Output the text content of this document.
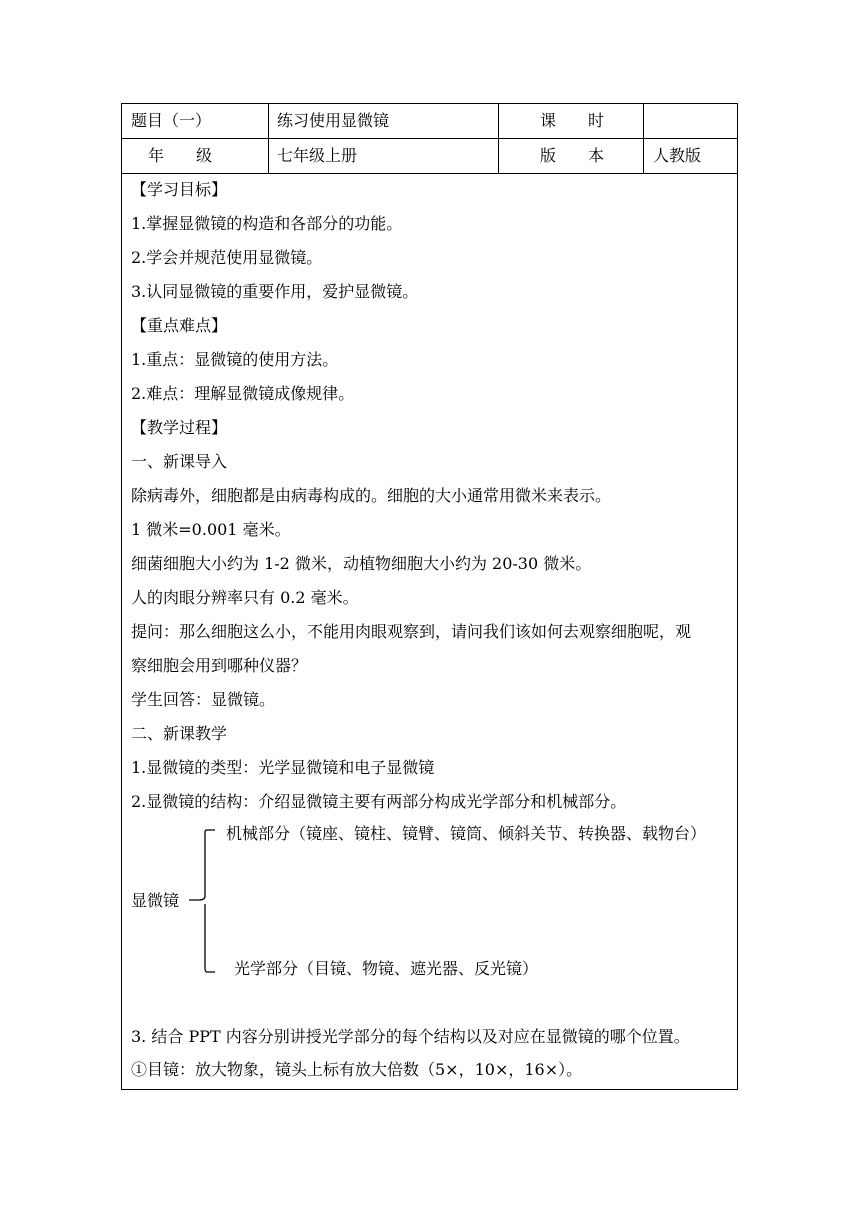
题目（一）	练习使用显微镜	课　　时
年　　级	七年级上册	版　　本	人教版
【学习目标】
1.掌握显微镜的构造和各部分的功能。
2.学会并规范使用显微镜。
3.认同显微镜的重要作用，爱护显微镜。
【重点难点】
1.重点：显微镜的使用方法。
2.难点：理解显微镜成像规律。
【教学过程】
一、新课导入
除病毒外，细胞都是由病毒构成的。细胞的大小通常用微米来表示。
1 微米=0.001 毫米。
细菌细胞大小约为 1-2 微米，动植物细胞大小约为 20-30 微米。
人的肉眼分辨率只有 0.2 毫米。
提问：那么细胞这么小，不能用肉眼观察到，请问我们该如何去观察细胞呢，观
察细胞会用到哪种仪器？
学生回答：显微镜。
二、新课教学
1.显微镜的类型：光学显微镜和电子显微镜
2.显微镜的结构：介绍显微镜主要有两部分构成光学部分和机械部分。
显微镜
机械部分（镜座、镜柱、镜臂、镜筒、倾斜关节、转换器、载物台）
光学部分（目镜、物镜、遮光器、反光镜）
3. 结合 PPT 内容分别讲授光学部分的每个结构以及对应在显微镜的哪个位置。
①目镜：放大物象，镜头上标有放大倍数（5×，10×，16×）。
